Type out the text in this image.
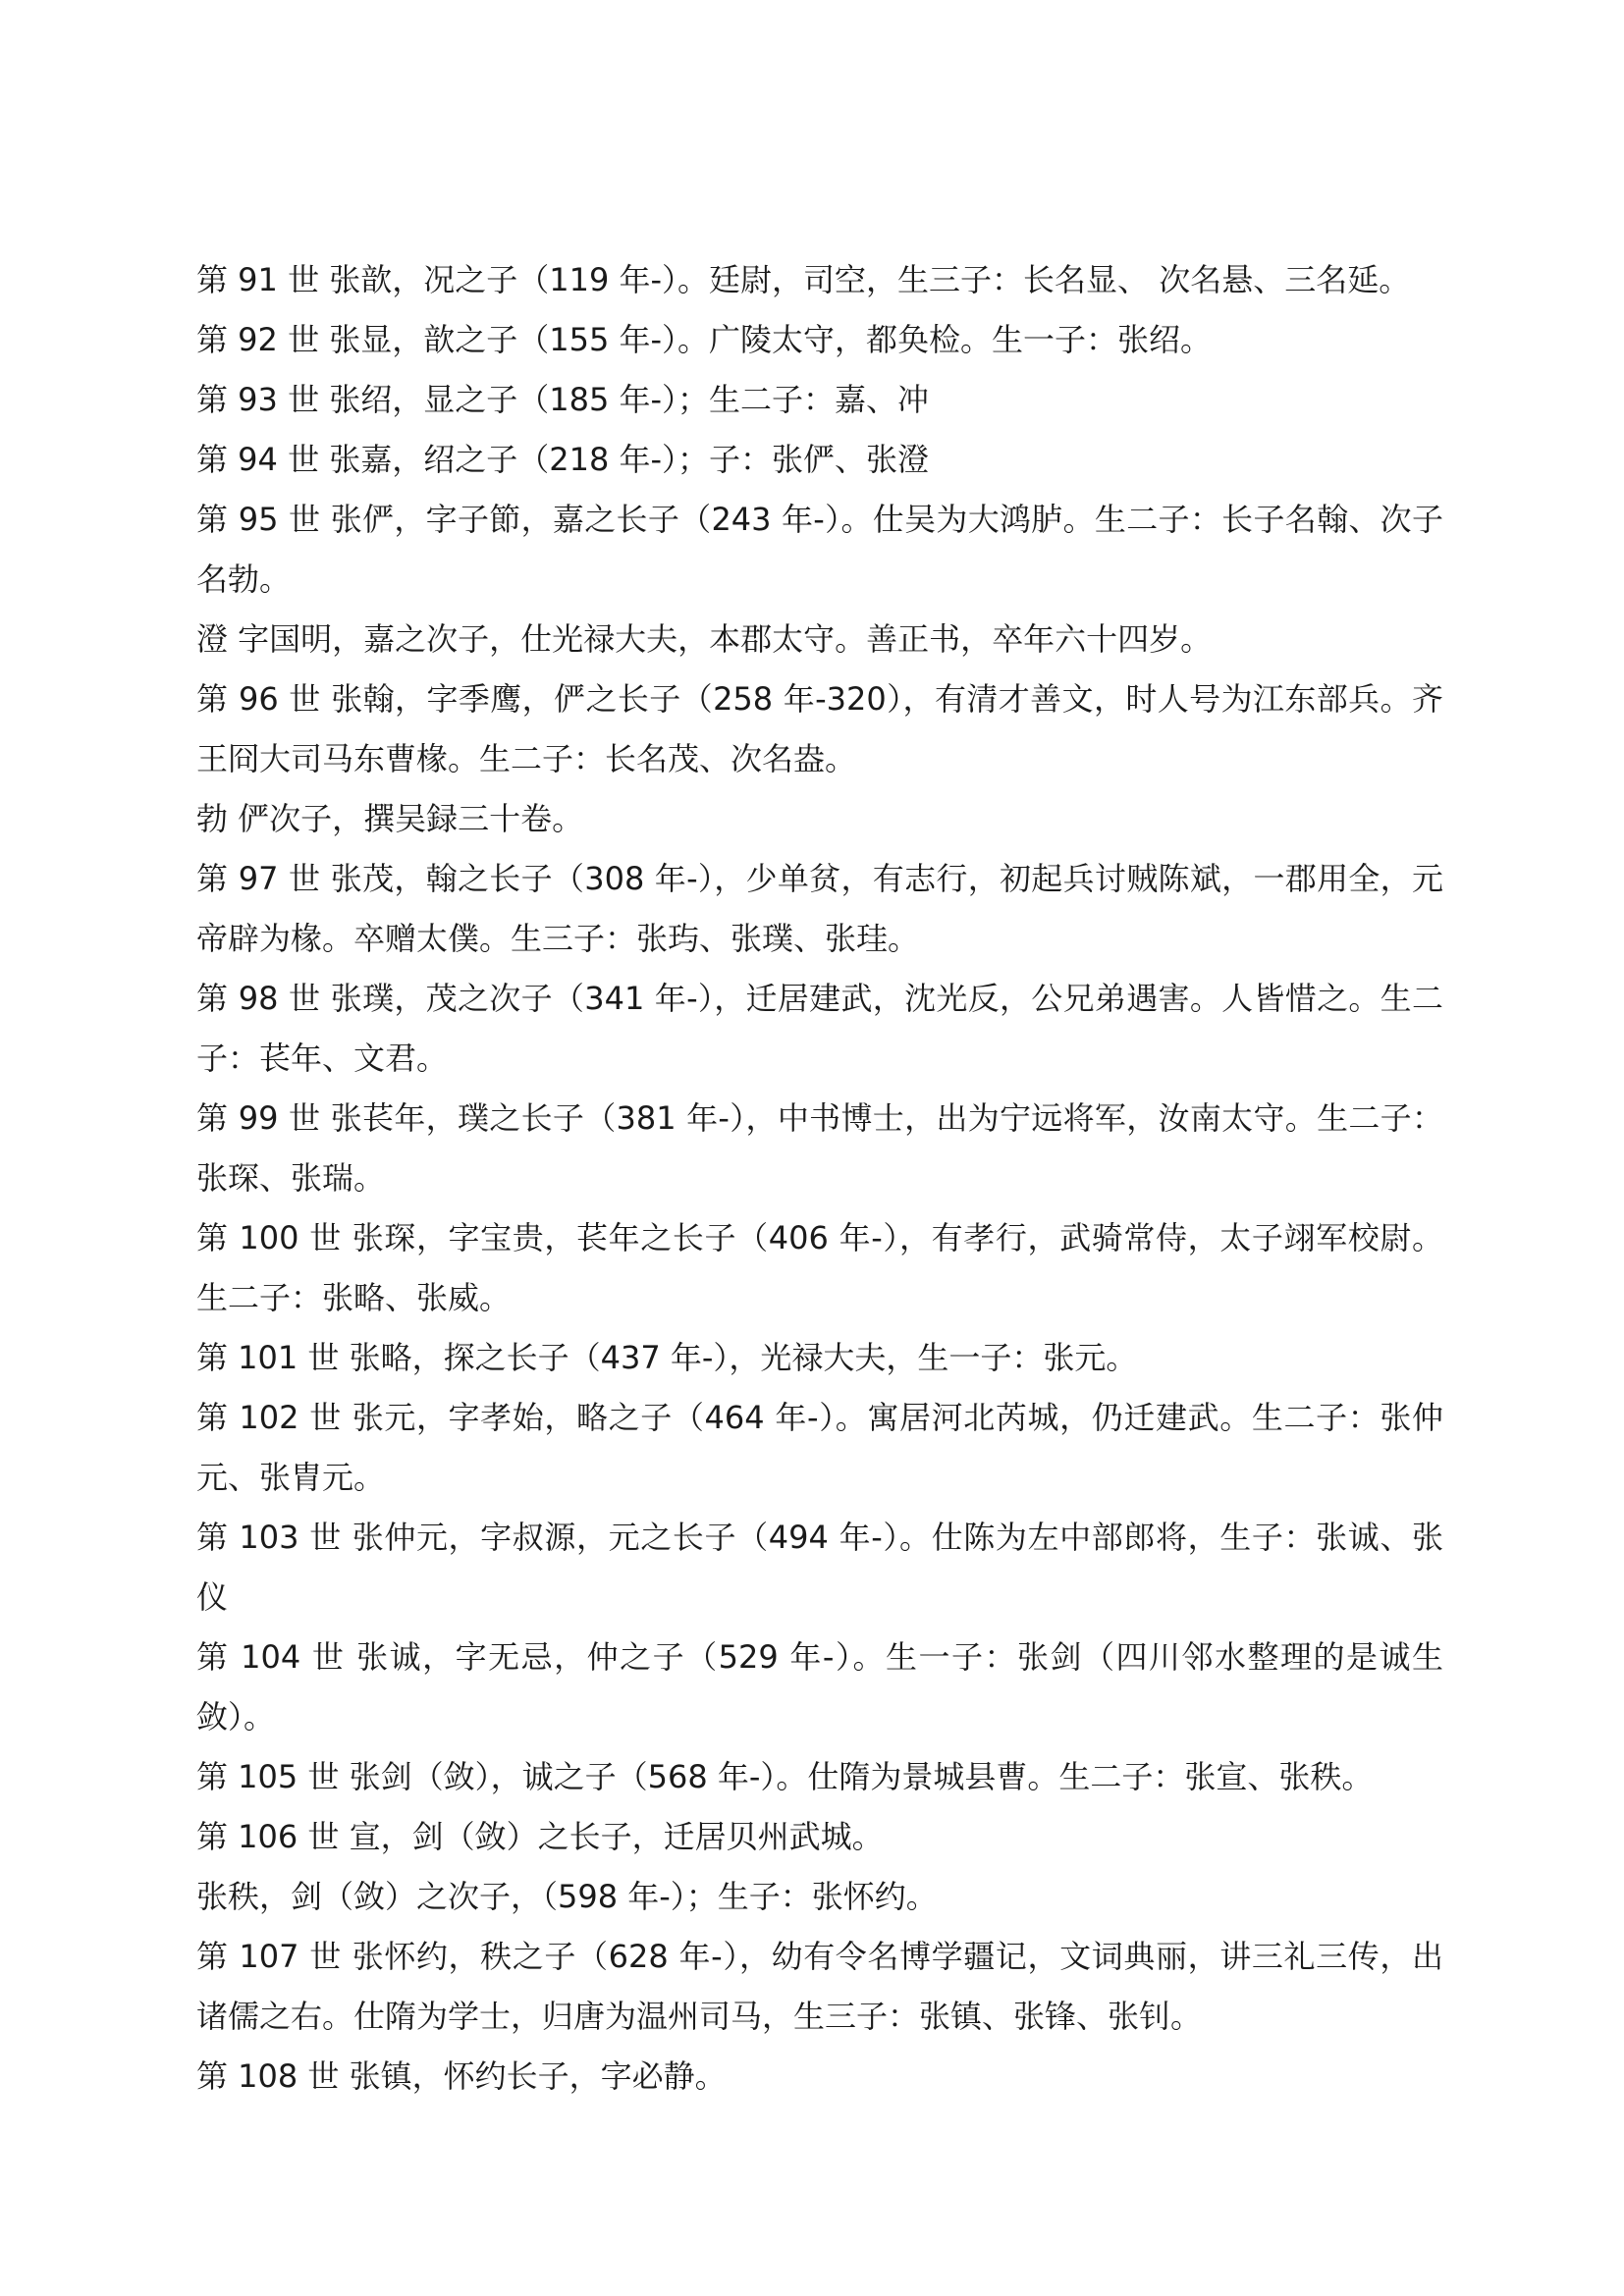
第 91 世 张歆，况之子（119 年-）。廷尉，司空，生三子：长名显、 次名悬、三名延。

第 92 世 张显，歆之子（155 年-）。广陵太守，都奂检。生一子：张绍。

第 93 世 张绍，显之子（185 年-）；生二子：嘉、冲

第 94 世 张嘉，绍之子（218 年-）；子：张俨、张澄

第 95 世 张俨，字子節，嘉之长子（243 年-）。仕吴为大鸿胪。生二子：长子名翰、次子名勃。

澄 字国明，嘉之次子，仕光禄大夫，本郡太守。善正书，卒年六十四岁。

第 96 世 张翰，字季鹰，俨之长子（258 年-320），有清才善文，时人号为江东部兵。齐王冏大司马东曹椽。生二子：长名茂、次名盎。

勃 俨次子，撰吴録三十卷。

第 97 世 张茂，翰之长子（308 年-），少单贫，有志行，初起兵讨贼陈斌，一郡用全，元帝辟为椽。卒赠太僕。生三子：张玙、张璞、张珪。

第 98 世 张璞，茂之次子（341 年-），迁居建武，沈光反，公兄弟遇害。人皆惜之。生二子：苌年、文君。

第 99 世 张苌年，璞之长子（381 年-），中书博士，出为宁远将军，汝南太守。生二子：张琛、张瑞。

第 100 世 张琛，字宝贵，苌年之长子（406 年-），有孝行，武骑常侍，太子翊军校尉。生二子：张略、张威。

第 101 世 张略，探之长子（437 年-），光禄大夫，生一子：张元。

第 102 世 张元，字孝始，略之子（464 年-）。寓居河北芮城，仍迁建武。生二子：张仲元、张胄元。

第 103 世 张仲元，字叔源，元之长子（494 年-）。仕陈为左中部郎将，生子：张诚、张仪

第 104 世 张诚，字无忌，仲之子（529 年-）。生一子：张剑（四川邻水整理的是诚生敛）。

第 105 世 张剑（敛），诚之子（568 年-）。仕隋为景城县曹。生二子：张宣、张秩。

第 106 世 宣，剑（敛）之长子，迁居贝州武城。

张秩，剑（敛）之次子，（598 年-）；生子：张怀约。

第 107 世 张怀约，秩之子（628 年-），幼有令名博学疆记，文词典丽，讲三礼三传，出诸儒之右。仕隋为学士，归唐为温州司马，生三子：张镇、张锋、张钊。

第 108 世 张镇，怀约长子，字必静。
